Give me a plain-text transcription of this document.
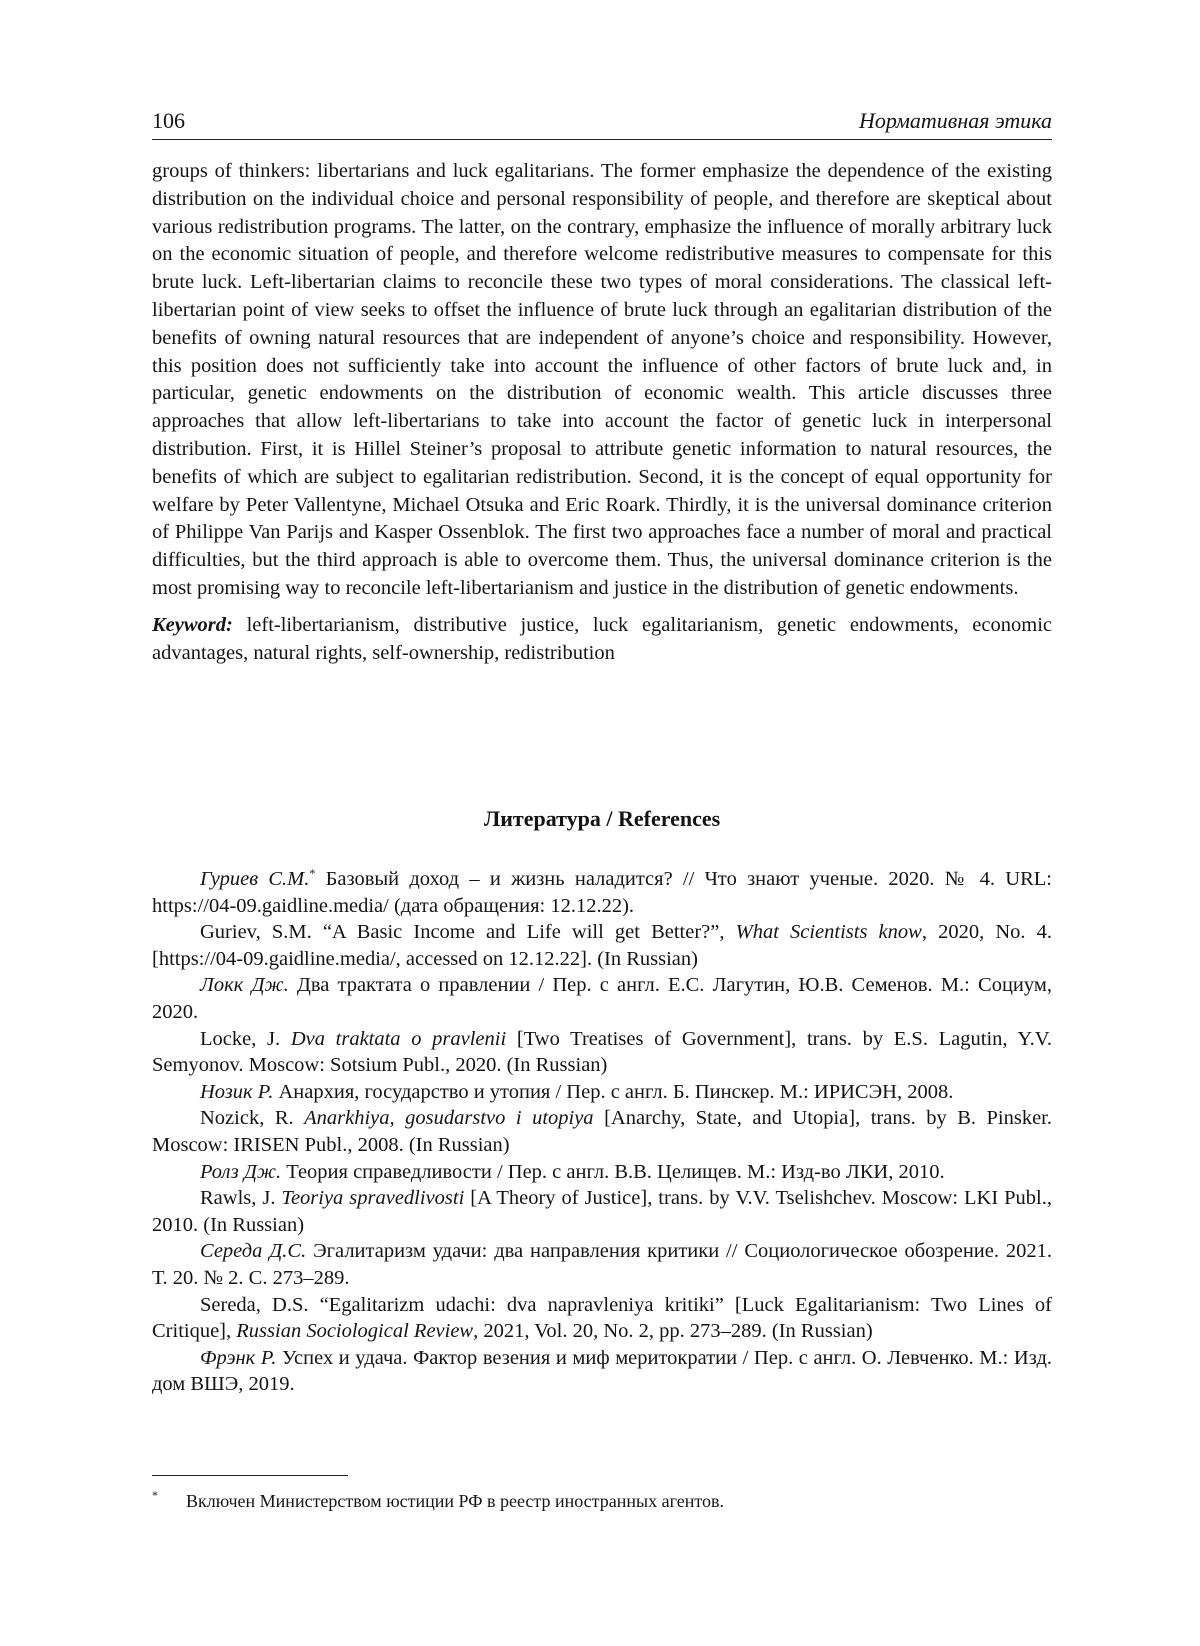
106	Нормативная этика

groups of thinkers: libertarians and luck egalitarians. The former emphasize the dependence of the existing distribution on the individual choice and personal responsibility of people, and therefore are skeptical about various redistribution programs. The latter, on the contrary, emphasize the influence of morally arbitrary luck on the economic situation of people, and therefore welcome redistributive measures to compensate for this brute luck. Left-libertarian claims to reconcile these two types of moral considerations. The classical left-libertarian point of view seeks to offset the influence of brute luck through an egalitarian distribution of the benefits of owning natural resources that are independent of anyone’s choice and responsibility. However, this position does not sufficiently take into account the influence of other factors of brute luck and, in particular, genetic endowments on the distribution of economic wealth. This article discusses three approaches that allow left-libertarians to take into account the factor of genetic luck in interpersonal distribution. First, it is Hillel Steiner’s proposal to attribute genetic information to natural resources, the benefits of which are subject to egalitarian redistribution. Second, it is the concept of equal opportunity for welfare by Peter Vallentyne, Michael Otsuka and Eric Roark. Thirdly, it is the universal dominance criterion of Philippe Van Parijs and Kasper Ossenblok. The first two approaches face a number of moral and practical difficulties, but the third approach is able to overcome them. Thus, the universal dominance criterion is the most promising way to reconcile left-libertarianism and justice in the distribution of genetic endowments.

Keyword: left-libertarianism, distributive justice, luck egalitarianism, genetic endowments, economic advantages, natural rights, self-ownership, redistribution

Литература / References

Гуриев С.М.* Базовый доход – и жизнь наладится? // Что знают ученые. 2020. № 4. URL: https://04-09.gaidline.media/ (дата обращения: 12.12.22).

Guriev, S.M. “A Basic Income and Life will get Better?”, What Scientists know, 2020, No. 4. [https://04-09.gaidline.media/, accessed on 12.12.22]. (In Russian)

Локк Дж. Два трактата о правлении / Пер. с англ. Е.С. Лагутин, Ю.В. Семенов. М.: Социум, 2020.

Locke, J. Dva traktata o pravlenii [Two Treatises of Government], trans. by E.S. Lagutin, Y.V. Semyonov. Moscow: Sotsium Publ., 2020. (In Russian)

Нозик Р. Анархия, государство и утопия / Пер. с англ. Б. Пинскер. М.: ИРИСЭН, 2008.

Nozick, R. Anarkhiya, gosudarstvo i utopiya [Anarchy, State, and Utopia], trans. by B. Pinsker. Moscow: IRISEN Publ., 2008. (In Russian)

Ролз Дж. Теория справедливости / Пер. с англ. В.В. Целищев. М.: Изд-во ЛКИ, 2010.

Rawls, J. Teoriya spravedlivosti [A Theory of Justice], trans. by V.V. Tselishchev. Moscow: LKI Publ., 2010. (In Russian)

Середа Д.С. Эгалитаризм удачи: два направления критики // Социологическое обозрение. 2021. Т. 20. № 2. С. 273–289.

Sereda, D.S. “Egalitarizm udachi: dva napravleniya kritiki” [Luck Egalitarianism: Two Lines of Critique], Russian Sociological Review, 2021, Vol. 20, No. 2, pp. 273–289. (In Russian)

Фрэнк Р. Успех и удача. Фактор везения и миф меритократии / Пер. с англ. О. Левченко. М.: Изд. дом ВШЭ, 2019.

* Включен Министерством юстиции РФ в реестр иностранных агентов.
